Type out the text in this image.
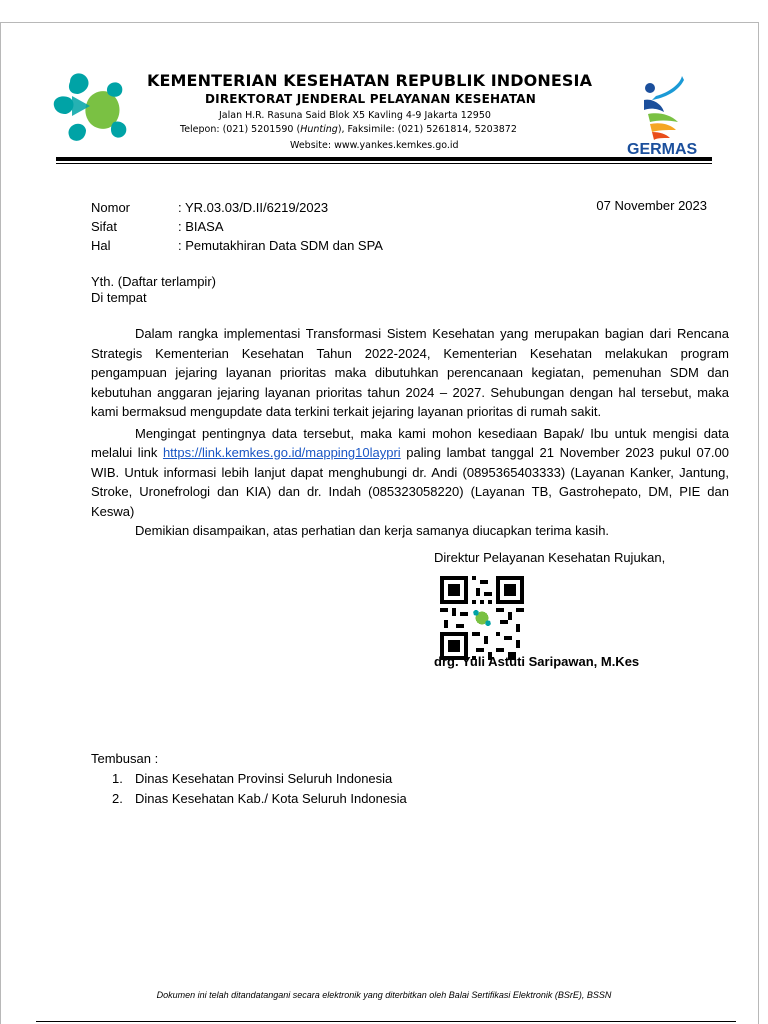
KEMENTERIAN KESEHATAN REPUBLIK INDONESIA
DIREKTORAT JENDERAL PELAYANAN KESEHATAN
Jalan H.R. Rasuna Said Blok X5 Kavling 4-9 Jakarta 12950
Telepon: (021) 5201590 (Hunting), Faksimile: (021) 5261814, 5203872
Website: www.yankes.kemkes.go.id	GERMAS
Nomor	: YR.03.03/D.II/6219/2023
Sifat	: BIASA
Hal	: Pemutakhiran Data SDM dan SPA
07 November 2023
Yth. (Daftar terlampir)
Di tempat

Dalam rangka implementasi Transformasi Sistem Kesehatan yang merupakan bagian dari Rencana Strategis Kementerian Kesehatan Tahun 2022-2024, Kementerian Kesehatan melakukan program pengampuan jejaring layanan prioritas maka dibutuhkan perencanaan kegiatan, pemenuhan SDM dan kebutuhan anggaran jejaring layanan prioritas tahun 2024 – 2027. Sehubungan dengan hal tersebut, maka kami bermaksud mengupdate data terkini terkait jejaring layanan prioritas di rumah sakit.

Mengingat pentingnya data tersebut, maka kami mohon kesediaan Bapak/ Ibu untuk mengisi data melalui link https://link.kemkes.go.id/mapping10laypri paling lambat tanggal 21 November 2023 pukul 07.00 WIB. Untuk informasi lebih lanjut dapat menghubungi dr. Andi (0895365403333) (Layanan Kanker, Jantung, Stroke, Uronefrologi dan KIA) dan dr. Indah (085323058220) (Layanan TB, Gastrohepato, DM, PIE dan Keswa)

Demikian disampaikan, atas perhatian dan kerja samanya diucapkan terima kasih.

Direktur Pelayanan Kesehatan Rujukan,
drg. Yuli Astuti Saripawan, M.Kes
Tembusan :
1. Dinas Kesehatan Provinsi Seluruh Indonesia
2. Dinas Kesehatan Kab./ Kota Seluruh Indonesia
Dokumen ini telah ditandatangani secara elektronik yang diterbitkan oleh Balai Sertifikasi Elektronik (BSrE), BSSN
